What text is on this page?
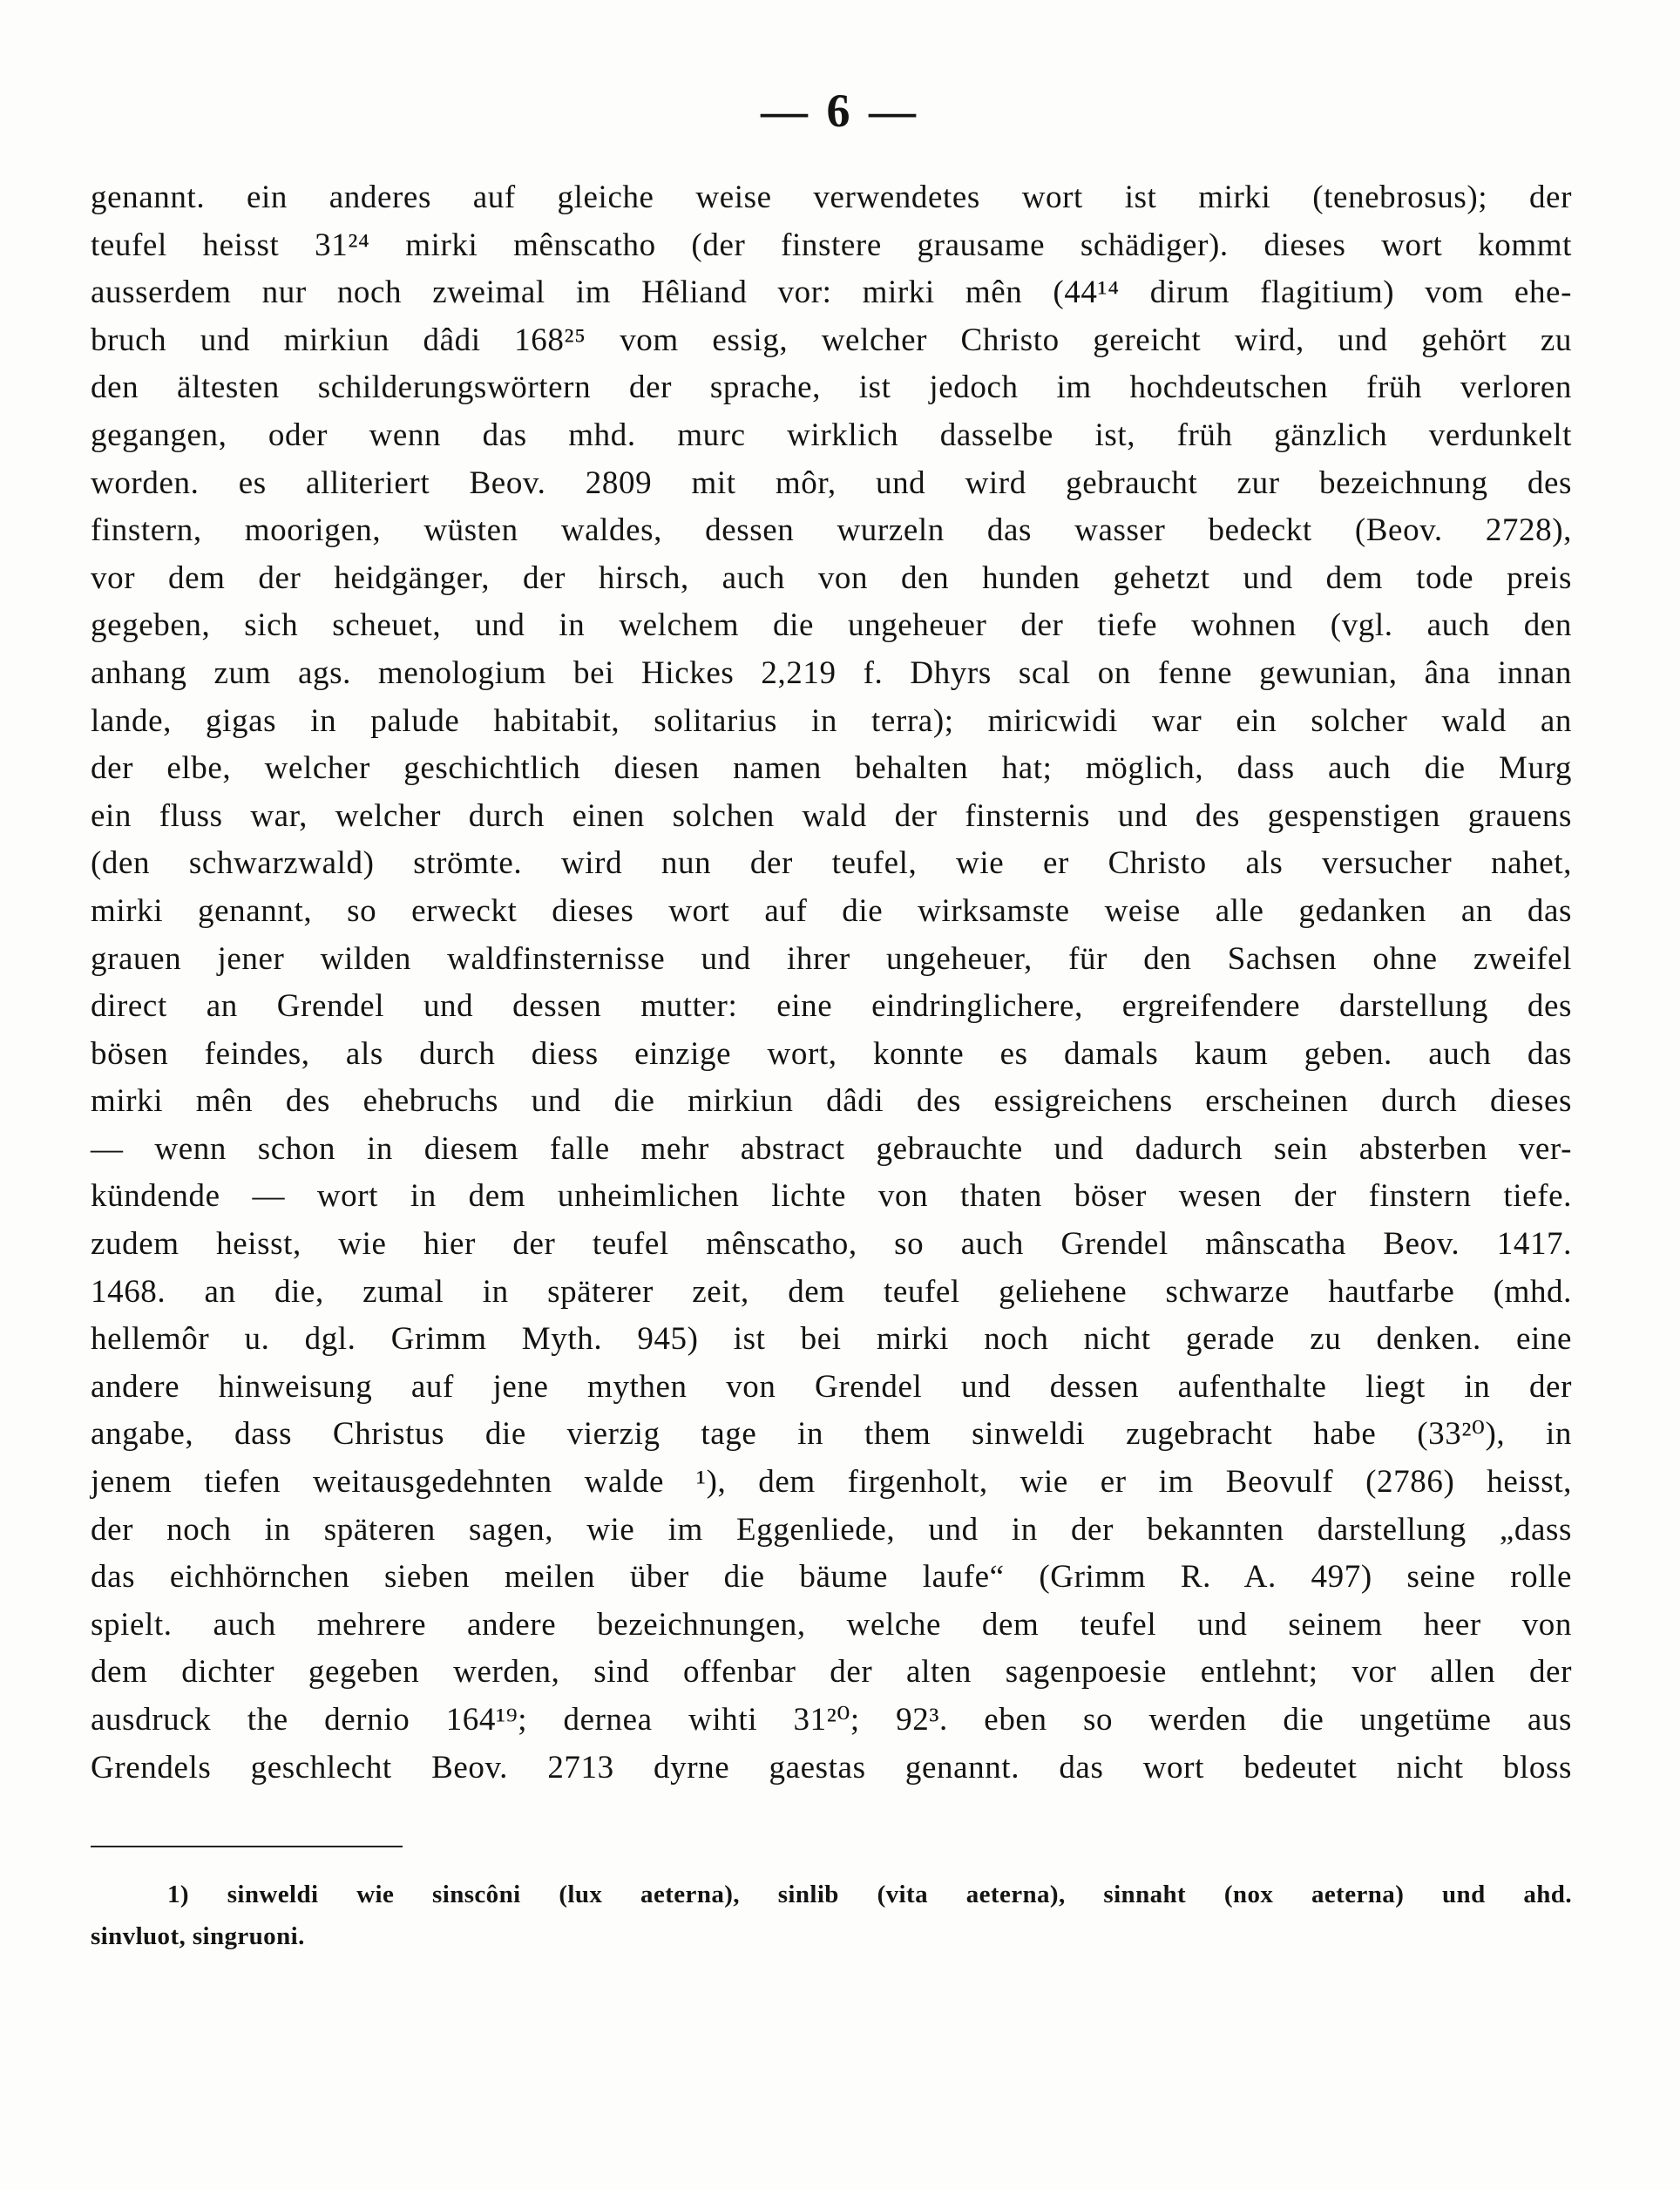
— 6 —
genannt. ein anderes auf gleiche weise verwendetes wort ist mirki (tenebrosus); der
teufel heisst 31²⁴ mirki mênscatho (der finstere grausame schädiger). dieses wort kommt
ausserdem nur noch zweimal im Hêliand vor: mirki mên (44¹⁴ dirum flagitium) vom ehe-
bruch und mirkiun dâdi 168²⁵ vom essig, welcher Christo gereicht wird, und gehört zu
den ältesten schilderungswörtern der sprache, ist jedoch im hochdeutschen früh verloren
gegangen, oder wenn das mhd. murc wirklich dasselbe ist, früh gänzlich verdunkelt
worden. es alliteriert Beov. 2809 mit môr, und wird gebraucht zur bezeichnung des
finstern, moorigen, wüsten waldes, dessen wurzeln das wasser bedeckt (Beov. 2728),
vor dem der heidgänger, der hirsch, auch von den hunden gehetzt und dem tode preis
gegeben, sich scheuet, und in welchem die ungeheuer der tiefe wohnen (vgl. auch den
anhang zum ags. menologium bei Hickes 2,219 f. Dhyrs scal on fenne gewunian, âna innan
lande, gigas in palude habitabit, solitarius in terra); miricwidi war ein solcher wald an
der elbe, welcher geschichtlich diesen namen behalten hat; möglich, dass auch die Murg
ein fluss war, welcher durch einen solchen wald der finsternis und des gespenstigen grauens
(den schwarzwald) strömte. wird nun der teufel, wie er Christo als versucher nahet,
mirki genannt, so erweckt dieses wort auf die wirksamste weise alle gedanken an das
grauen jener wilden waldfinsternisse und ihrer ungeheuer, für den Sachsen ohne zweifel
direct an Grendel und dessen mutter: eine eindringlichere, ergreifendere darstellung des
bösen feindes, als durch diess einzige wort, konnte es damals kaum geben. auch das
mirki mên des ehebruchs und die mirkiun dâdi des essigreichens erscheinen durch dieses
— wenn schon in diesem falle mehr abstract gebrauchte und dadurch sein absterben ver-
kündende — wort in dem unheimlichen lichte von thaten böser wesen der finstern tiefe.
zudem heisst, wie hier der teufel mênscatho, so auch Grendel mânscatha Beov. 1417.
1468. an die, zumal in späterer zeit, dem teufel geliehene schwarze hautfarbe (mhd.
hellemôr u. dgl. Grimm Myth. 945) ist bei mirki noch nicht gerade zu denken. eine
andere hinweisung auf jene mythen von Grendel und dessen aufenthalte liegt in der
angabe, dass Christus die vierzig tage in them sinweldi zugebracht habe (33²⁰), in
jenem tiefen weitausgedehnten walde ¹), dem firgenholt, wie er im Beovulf (2786) heisst,
der noch in späteren sagen, wie im Eggenliede, und in der bekannten darstellung „dass
das eichhörnchen sieben meilen über die bäume laufe“ (Grimm R. A. 497) seine rolle
spielt. auch mehrere andere bezeichnungen, welche dem teufel und seinem heer von
dem dichter gegeben werden, sind offenbar der alten sagenpoesie entlehnt; vor allen der
ausdruck the dernio 164¹⁹; dernea wihti 31²⁰; 92³. eben so werden die ungetüme aus
Grendels geschlecht Beov. 2713 dyrne gaestas genannt. das wort bedeutet nicht bloss
1) sinweldi wie sinscôni (lux aeterna), sinlib (vita aeterna), sinnaht (nox aeterna) und ahd.
sinvluot, singruoni.
